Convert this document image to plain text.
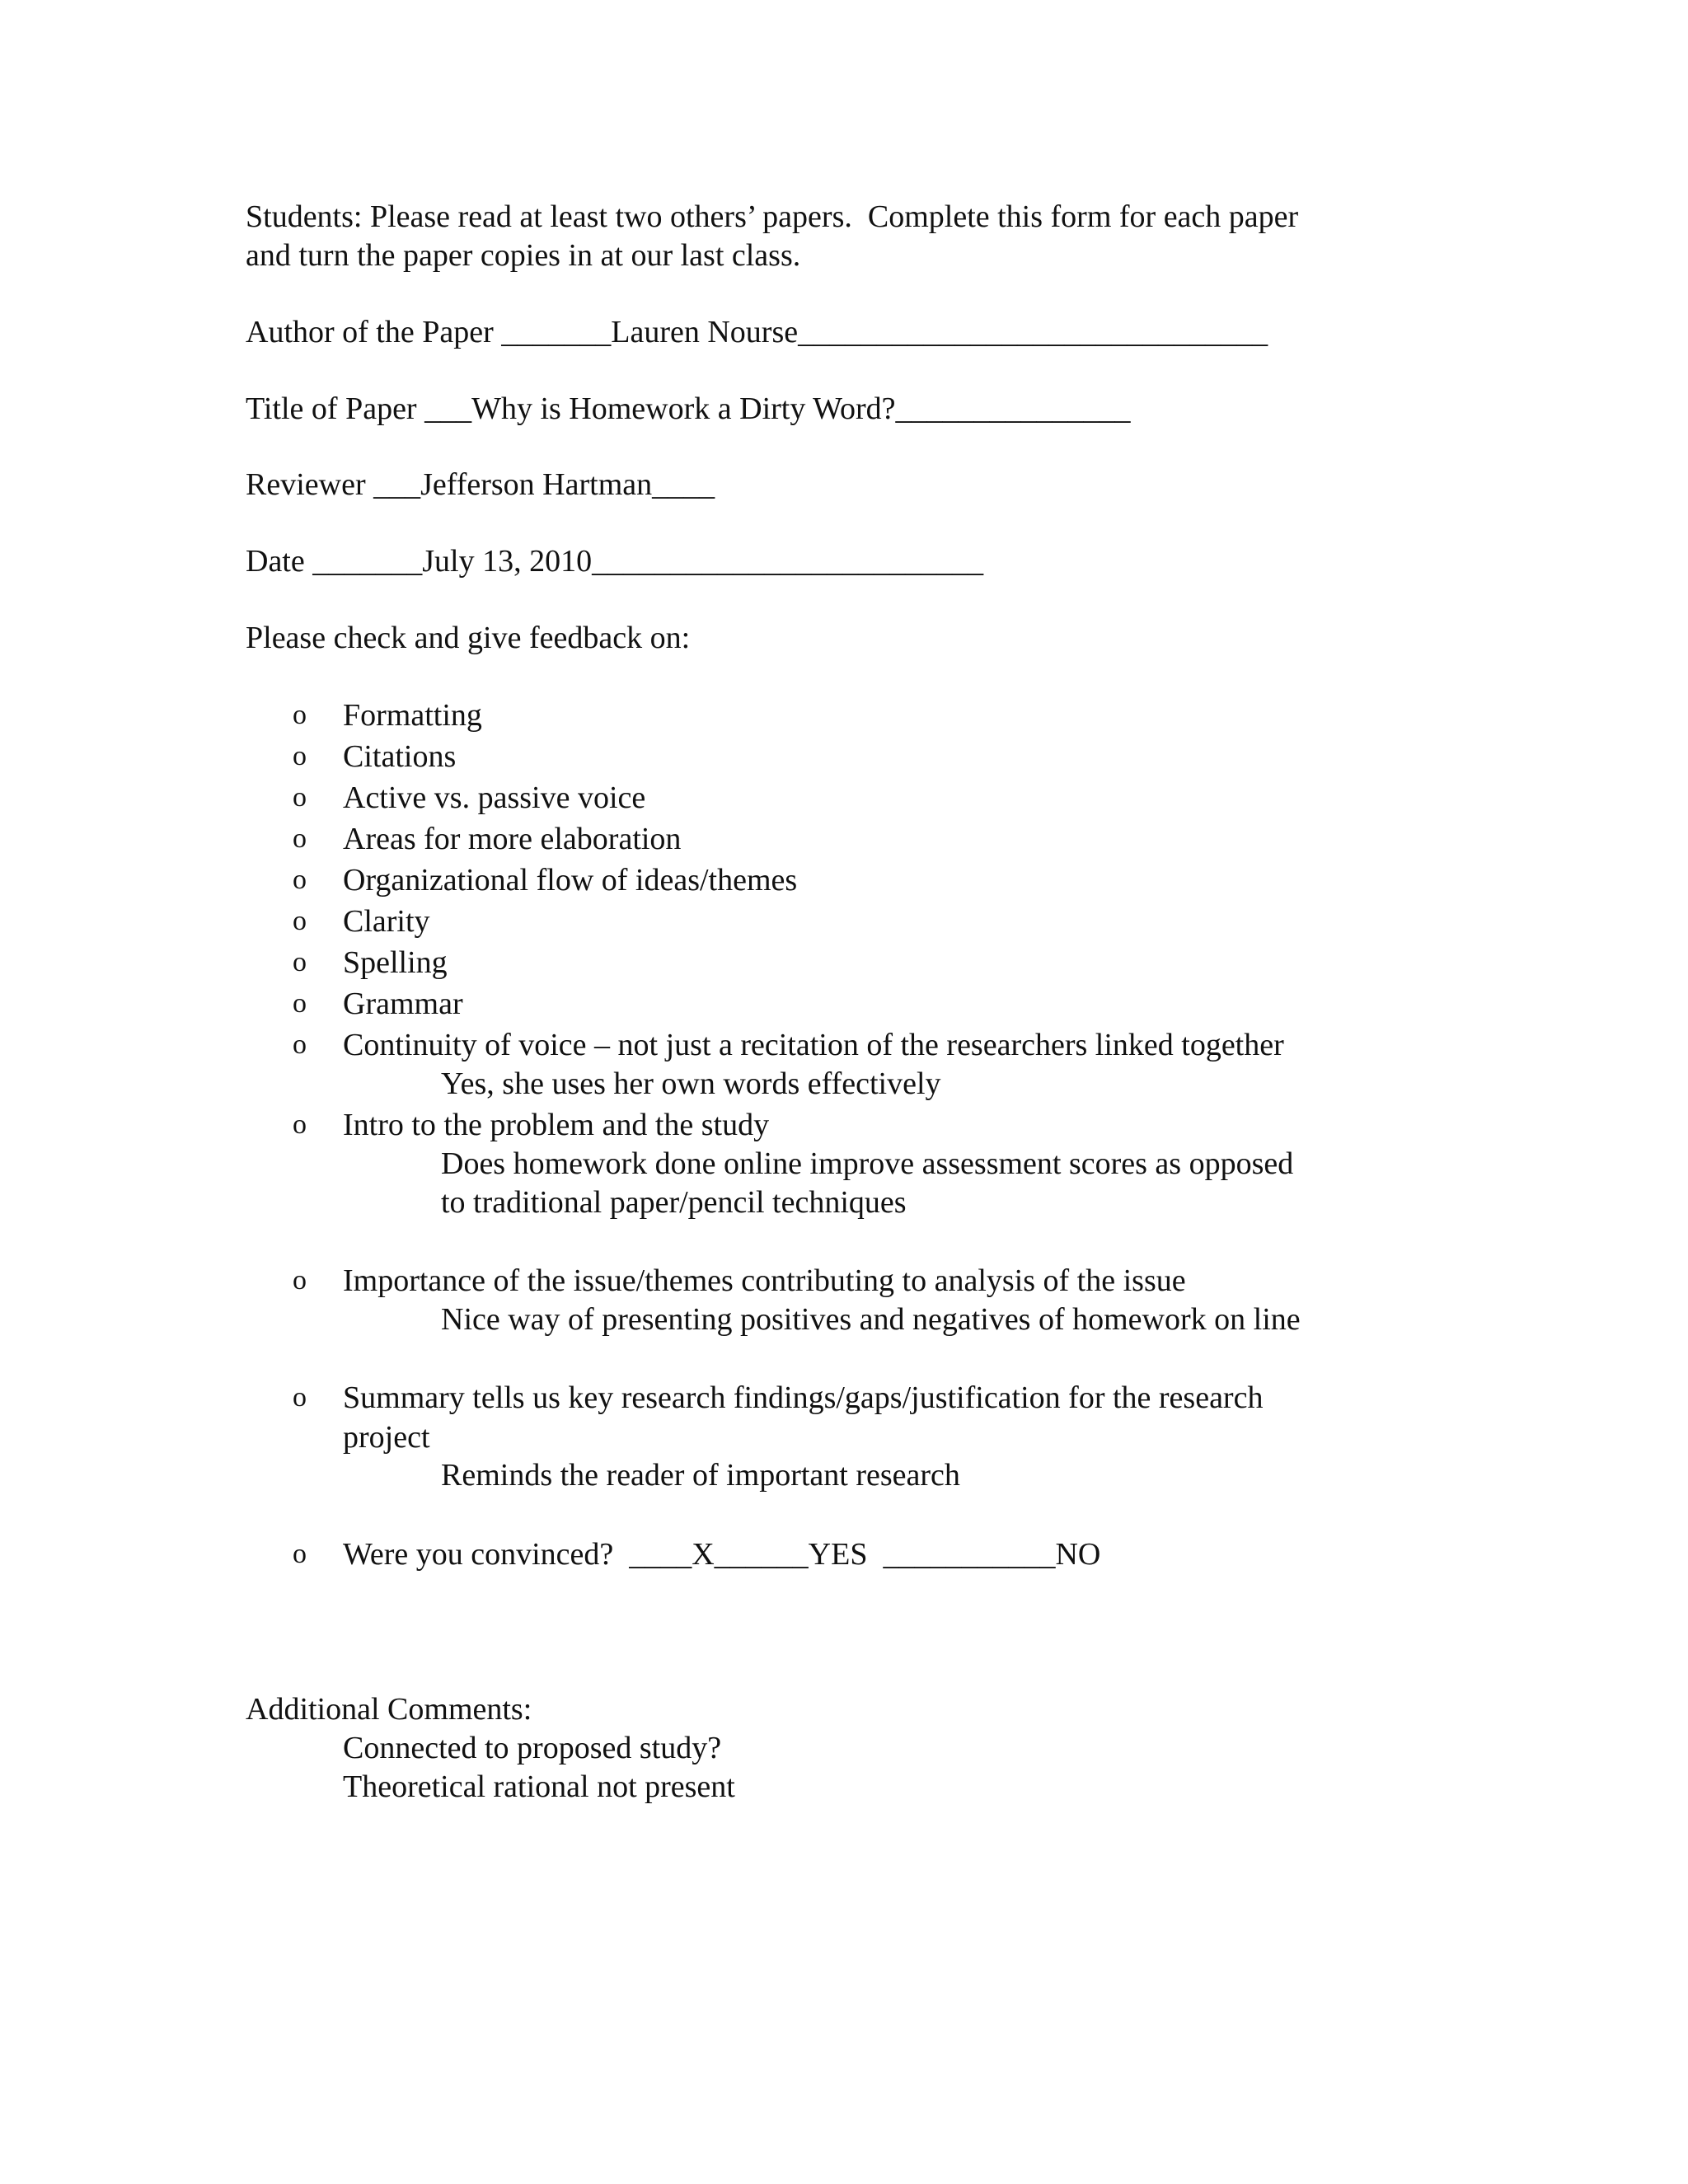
Students: Please read at least two others’ papers.  Complete this form for each paper
and turn the paper copies in at our last class.
Author of the Paper _______Lauren Nourse______________________________
Title of Paper ___Why is Homework a Dirty Word?_______________
Reviewer ___Jefferson Hartman____
Date _______July 13, 2010_________________________
Please check and give feedback on:
o Formatting
o Citations
o Active vs. passive voice
o Areas for more elaboration
o Organizational flow of ideas/themes
o Clarity
o Spelling
o Grammar
o Continuity of voice – not just a recitation of the researchers linked together
Yes, she uses her own words effectively
o Intro to the problem and the study
Does homework done online improve assessment scores as opposed
to traditional paper/pencil techniques
o Importance of the issue/themes contributing to analysis of the issue
Nice way of presenting positives and negatives of homework on line
o Summary tells us key research findings/gaps/justification for the research
project
Reminds the reader of important research
o Were you convinced?  ____X______YES  ___________NO
Additional Comments:
Connected to proposed study?
Theoretical rational not present
